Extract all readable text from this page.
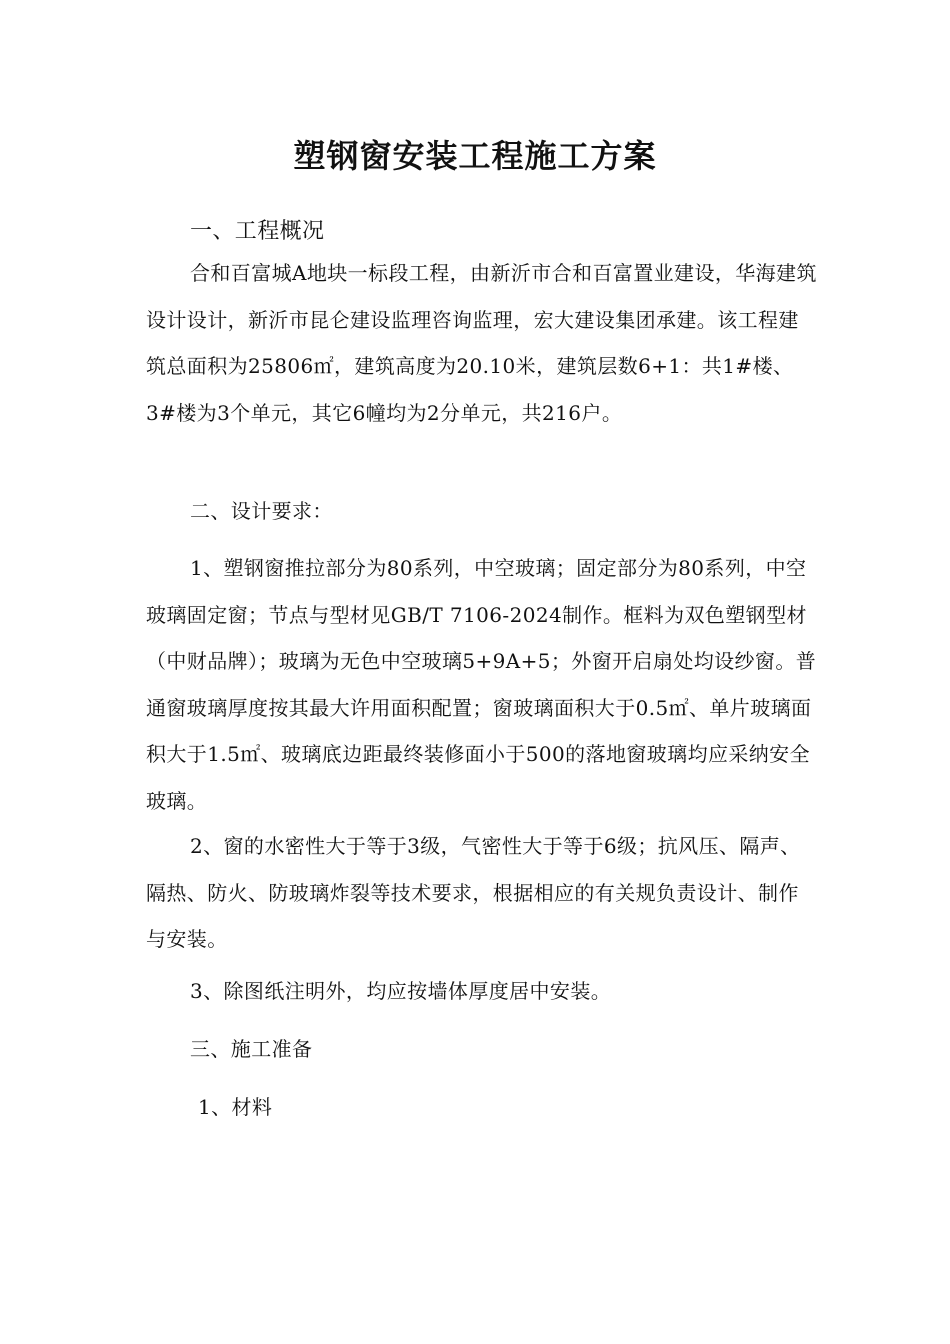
塑钢窗安装工程施工方案

一、工程概况

合和百富城A地块一标段工程，由新沂市合和百富置业建设，华海建筑设计设计，新沂市昆仑建设监理咨询监理，宏大建设集团承建。该工程建筑总面积为25806㎡，建筑高度为20.10米，建筑层数6+1：共1#楼、3#楼为3个单元，其它6幢均为2分单元，共216户。

二、设计要求：

1、塑钢窗推拉部分为80系列，中空玻璃；固定部分为80系列，中空玻璃固定窗；节点与型材见GB/T 7106-2024制作。框料为双色塑钢型材（中财品牌）；玻璃为无色中空玻璃5+9A+5；外窗开启扇处均设纱窗。普通窗玻璃厚度按其最大许用面积配置；窗玻璃面积大于0.5㎡、单片玻璃面积大于1.5㎡、玻璃底边距最终装修面小于500的落地窗玻璃均应采纳安全玻璃。

2、窗的水密性大于等于3级，气密性大于等于6级；抗风压、隔声、隔热、防火、防玻璃炸裂等技术要求，根据相应的有关规负责设计、制作与安装。

3、除图纸注明外，均应按墙体厚度居中安装。

三、施工准备

1、材料
